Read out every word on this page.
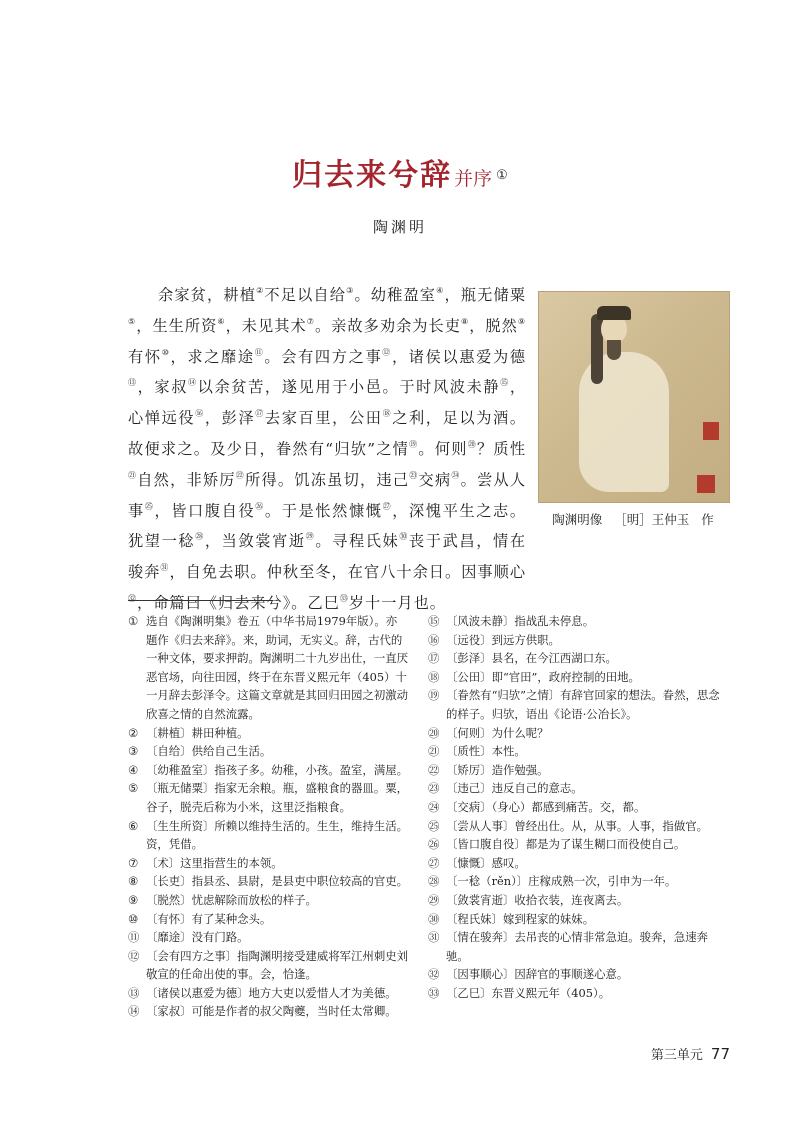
归去来兮辞 并序 ①
陶渊明
余家贫，耕植②不足以自给③。幼稚盈室④，瓶无储粟⑤，生生所资⑥，未见其术⑦。亲故多劝余为长吏⑧，脱然⑨有怀⑩，求之靡途⑪。会有四方之事⑫，诸侯以惠爱为德⑬，家叔⑭以余贫苦，遂见用于小邑。于时风波未静⑮，心惮远役⑯，彭泽⑰去家百里，公田⑱之利，足以为酒。故便求之。及少日，眷然有“归欤”之情⑲。何则⑳？质性$^㉑$自然，非矫厉$^㉒$所得。饥冻虽切，违己$^㉓$交病$^㉔$。尝从人事$^㉕$，皆口腹自役$^㉖$。于是怅然慷慨$^㉗$，深愧平生之志。犹望一稔$^㉘$，当敛裳宵逝$^㉙$。寻程氏妹$^㉚$丧于武昌，情在骏奔$^㉛$，自免去职。仲秋至冬，在官八十余日。因事顺心$^㉜$，命篇曰《归去来兮》。乙巳$^㉝$岁十一月也。
陶渊明像 ［明］王仲玉 作

① 选自《陶渊明集》卷五（中华书局1979年版）。亦题作《归去来辞》。来，助词，无实义。辞，古代的一种文体，要求押韵。陶渊明二十九岁出仕，一直厌恶官场，向往田园，终于在东晋义熙元年（405）十一月辞去彭泽令。这篇文章就是其回归田园之初激动欣喜之情的自然流露。

② 〔耕植〕耕田种植。

③ 〔自给〕供给自己生活。

④ 〔幼稚盈室〕指孩子多。幼稚，小孩。盈室，满屋。

⑤ 〔瓶无储粟〕指家无余粮。瓶，盛粮食的器皿。粟，谷子，脱壳后称为小米，这里泛指粮食。

⑥ 〔生生所资〕所赖以维持生活的。生生，维持生活。资，凭借。

⑦ 〔术〕这里指营生的本领。

⑧ 〔长吏〕指县丞、县尉，是县吏中职位较高的官吏。

⑨ 〔脱然〕忧虑解除而放松的样子。

⑩ 〔有怀〕有了某种念头。

⑪ 〔靡途〕没有门路。

⑫ 〔会有四方之事〕指陶渊明接受建威将军江州刺史刘敬宣的任命出使的事。会，恰逢。

⑬ 〔诸侯以惠爱为德〕地方大吏以爱惜人才为美德。

⑭ 〔家叔〕可能是作者的叔父陶夔，当时任太常卿。

⑮ 〔风波未静〕指战乱未停息。

⑯ 〔远役〕到远方供职。

⑰ 〔彭泽〕县名，在今江西湖口东。

⑱ 〔公田〕即“官田”，政府控制的田地。

⑲ 〔眷然有“归欤”之情〕有辞官回家的想法。眷然，思念的样子。归欤，语出《论语·公冶长》。

⑳ 〔何则〕为什么呢？

㉑ 〔质性〕本性。

㉒ 〔矫厉〕造作勉强。

㉓ 〔违己〕违反自己的意志。

㉔ 〔交病〕（身心）都感到痛苦。交，都。

㉕ 〔尝从人事〕曾经出仕。从，从事。人事，指做官。

㉖ 〔皆口腹自役〕都是为了谋生糊口而役使自己。

㉗ 〔慷慨〕感叹。

㉘ 〔一稔（rěn）〕庄稼成熟一次，引申为一年。

㉙ 〔敛裳宵逝〕收拾衣装，连夜离去。

㉚ 〔程氏妹〕嫁到程家的妹妹。

㉛ 〔情在骏奔〕去吊丧的心情非常急迫。骏奔，急速奔驰。

㉜ 〔因事顺心〕因辞官的事顺遂心意。

㉝ 〔乙巳〕东晋义熙元年（405）。

第三单元 77
